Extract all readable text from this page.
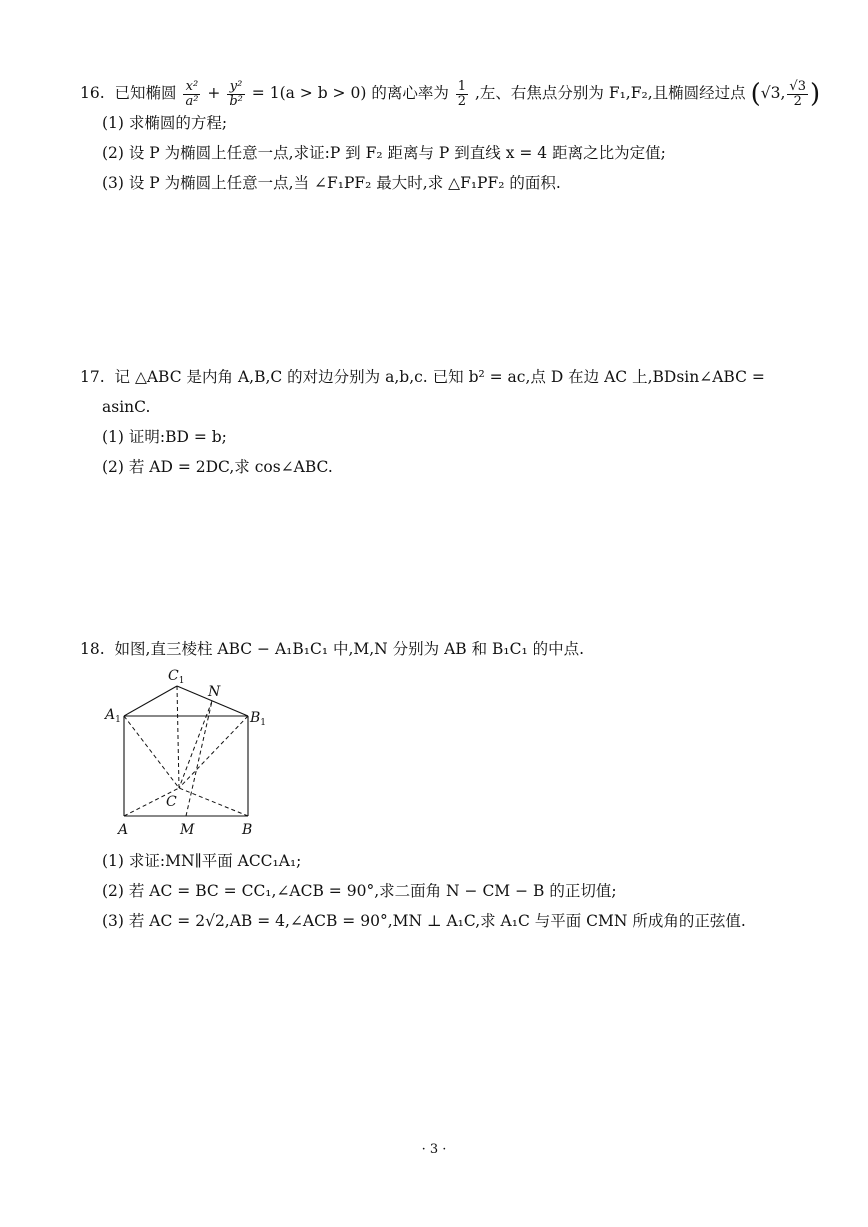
16. 已知椭圆 $\frac{\text{x²}}{\text{a²}} + \frac{\text{y²}}{\text{b²}} = 1(a > b > 0)$ 的离心率为 $\frac{1}{2}$ ,左、右焦点分别为 F₁,F₂,且椭圆经过点 (√3, $\frac{√3}{2}$ )
(1) 求椭圆的方程;
(2) 设 P 为椭圆上任意一点,求证:P 到 F₂ 距离与 P 到直线 x = 4 距离之比为定值;
(3) 设 P 为椭圆上任意一点,当 ∠F₁PF₂ 最大时,求 △F₁PF₂ 的面积.
17. 记 △ABC 是内角 A,B,C 的对边分别为 a,b,c. 已知 b² = ac,点 D 在边 AC 上,BDsin∠ABC =
asinC.
(1) 证明:BD = b;
(2) 若 AD = 2DC,求 cos∠ABC.
18. 如图,直三棱柱 ABC − A₁B₁C₁ 中,M,N 分别为 AB 和 B₁C₁ 的中点.
$C_1$
N
$A_1$	$B_1$
C
A	M	B
(1) 求证:MN∥平面 ACC₁A₁;
(2) 若 AC = BC = CC₁,∠ACB = 90°,求二面角 N − CM − B 的正切值;
(3) 若 AC = 2√2,AB = 4,∠ACB = 90°,MN ⊥ A₁C,求 A₁C 与平面 CMN 所成角的正弦值.
· 3 ·
